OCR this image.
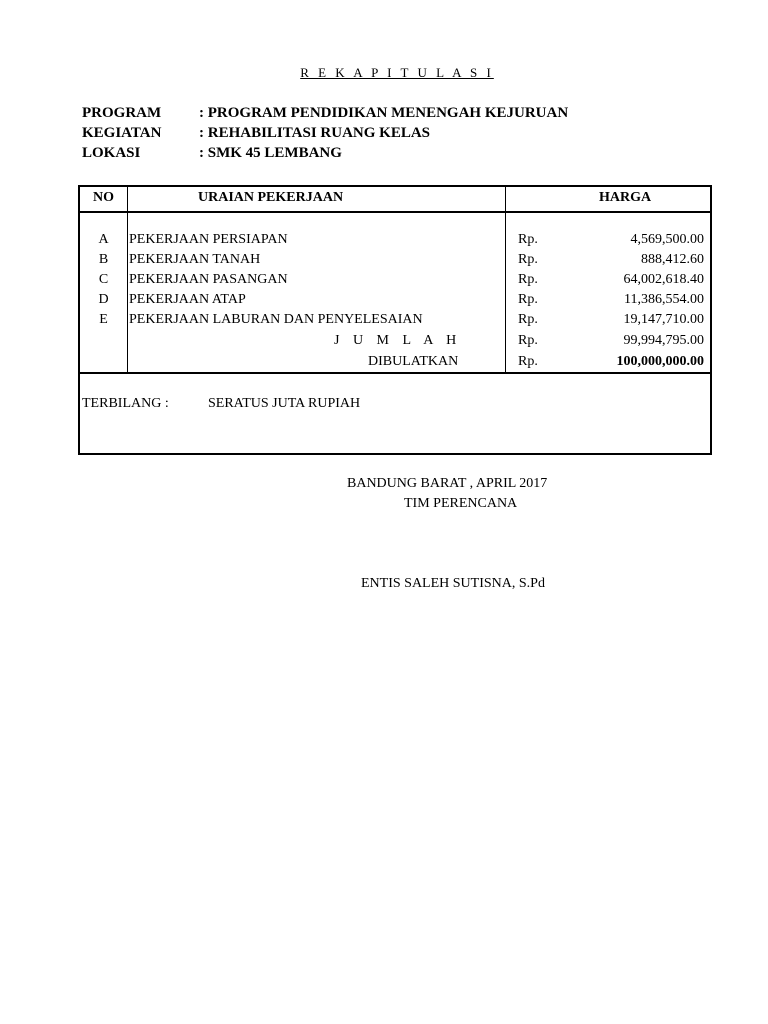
R E K A P I T U L A S I
PROGRAM	: PROGRAM PENDIDIKAN MENENGAH KEJURUAN
KEGIATAN	: REHABILITASI RUANG KELAS
LOKASI	: SMK 45 LEMBANG
NO	URAIAN PEKERJAAN	HARGA
A	PEKERJAAN PERSIAPAN	Rp.	4,569,500.00
B	PEKERJAAN TANAH	Rp.	888,412.60
C	PEKERJAAN PASANGAN	Rp.	64,002,618.40
D	PEKERJAAN ATAP	Rp.	11,386,554.00
E	PEKERJAAN LABURAN DAN PENYELESAIAN	Rp.	19,147,710.00
J U M L A H	Rp.	99,994,795.00
DIBULATKAN	Rp.	100,000,000.00
TERBILANG :	SERATUS JUTA RUPIAH
BANDUNG BARAT , APRIL 2017
TIM PERENCANA
ENTIS SALEH SUTISNA, S.Pd
